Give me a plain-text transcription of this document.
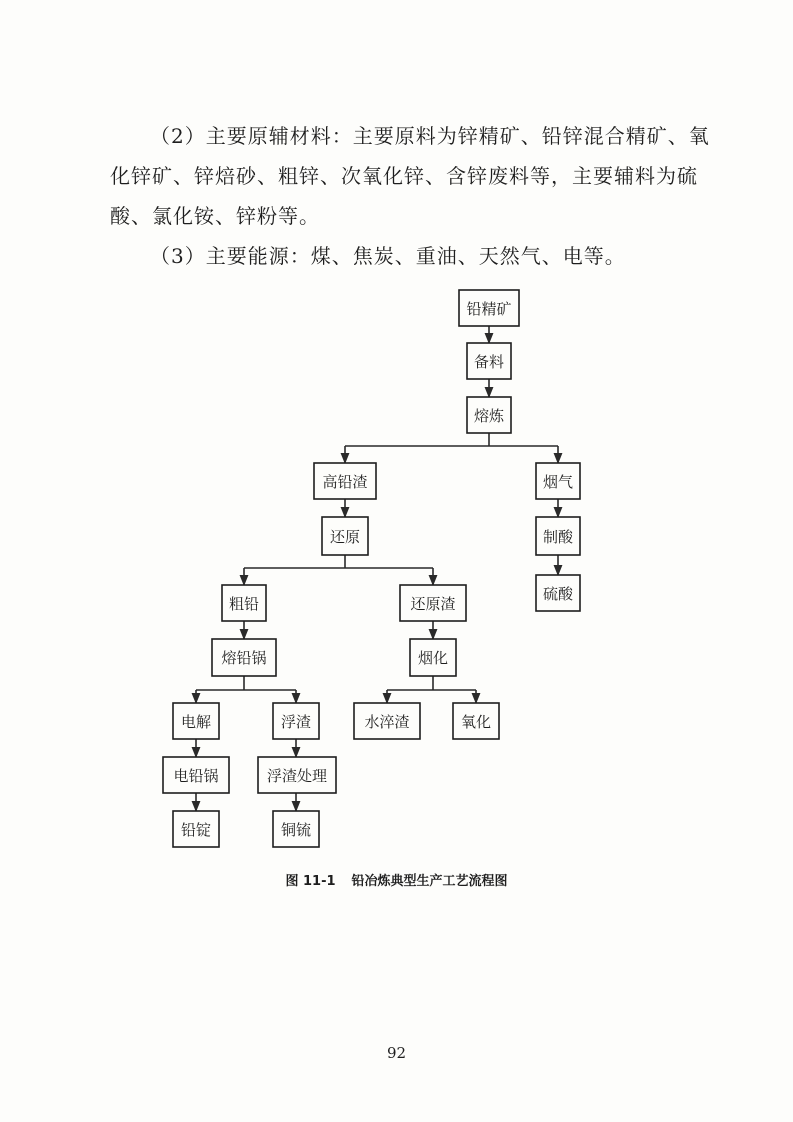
（2）主要原辅材料：主要原料为锌精矿、铅锌混合精矿、氧化锌矿、锌焙砂、粗锌、次氧化锌、含锌废料等，主要辅料为硫酸、氯化铵、锌粉等。

（3）主要能源：煤、焦炭、重油、天然气、电等。

铅精矿
备料
熔炼
高铅渣	烟气
还原	制酸
硫酸
粗铅	还原渣
熔铅锅	烟化
电解	浮渣	水淬渣	氧化
电铅锅	浮渣处理
铅锭	铜锍
图 11-1 铅冶炼典型生产工艺流程图
92
